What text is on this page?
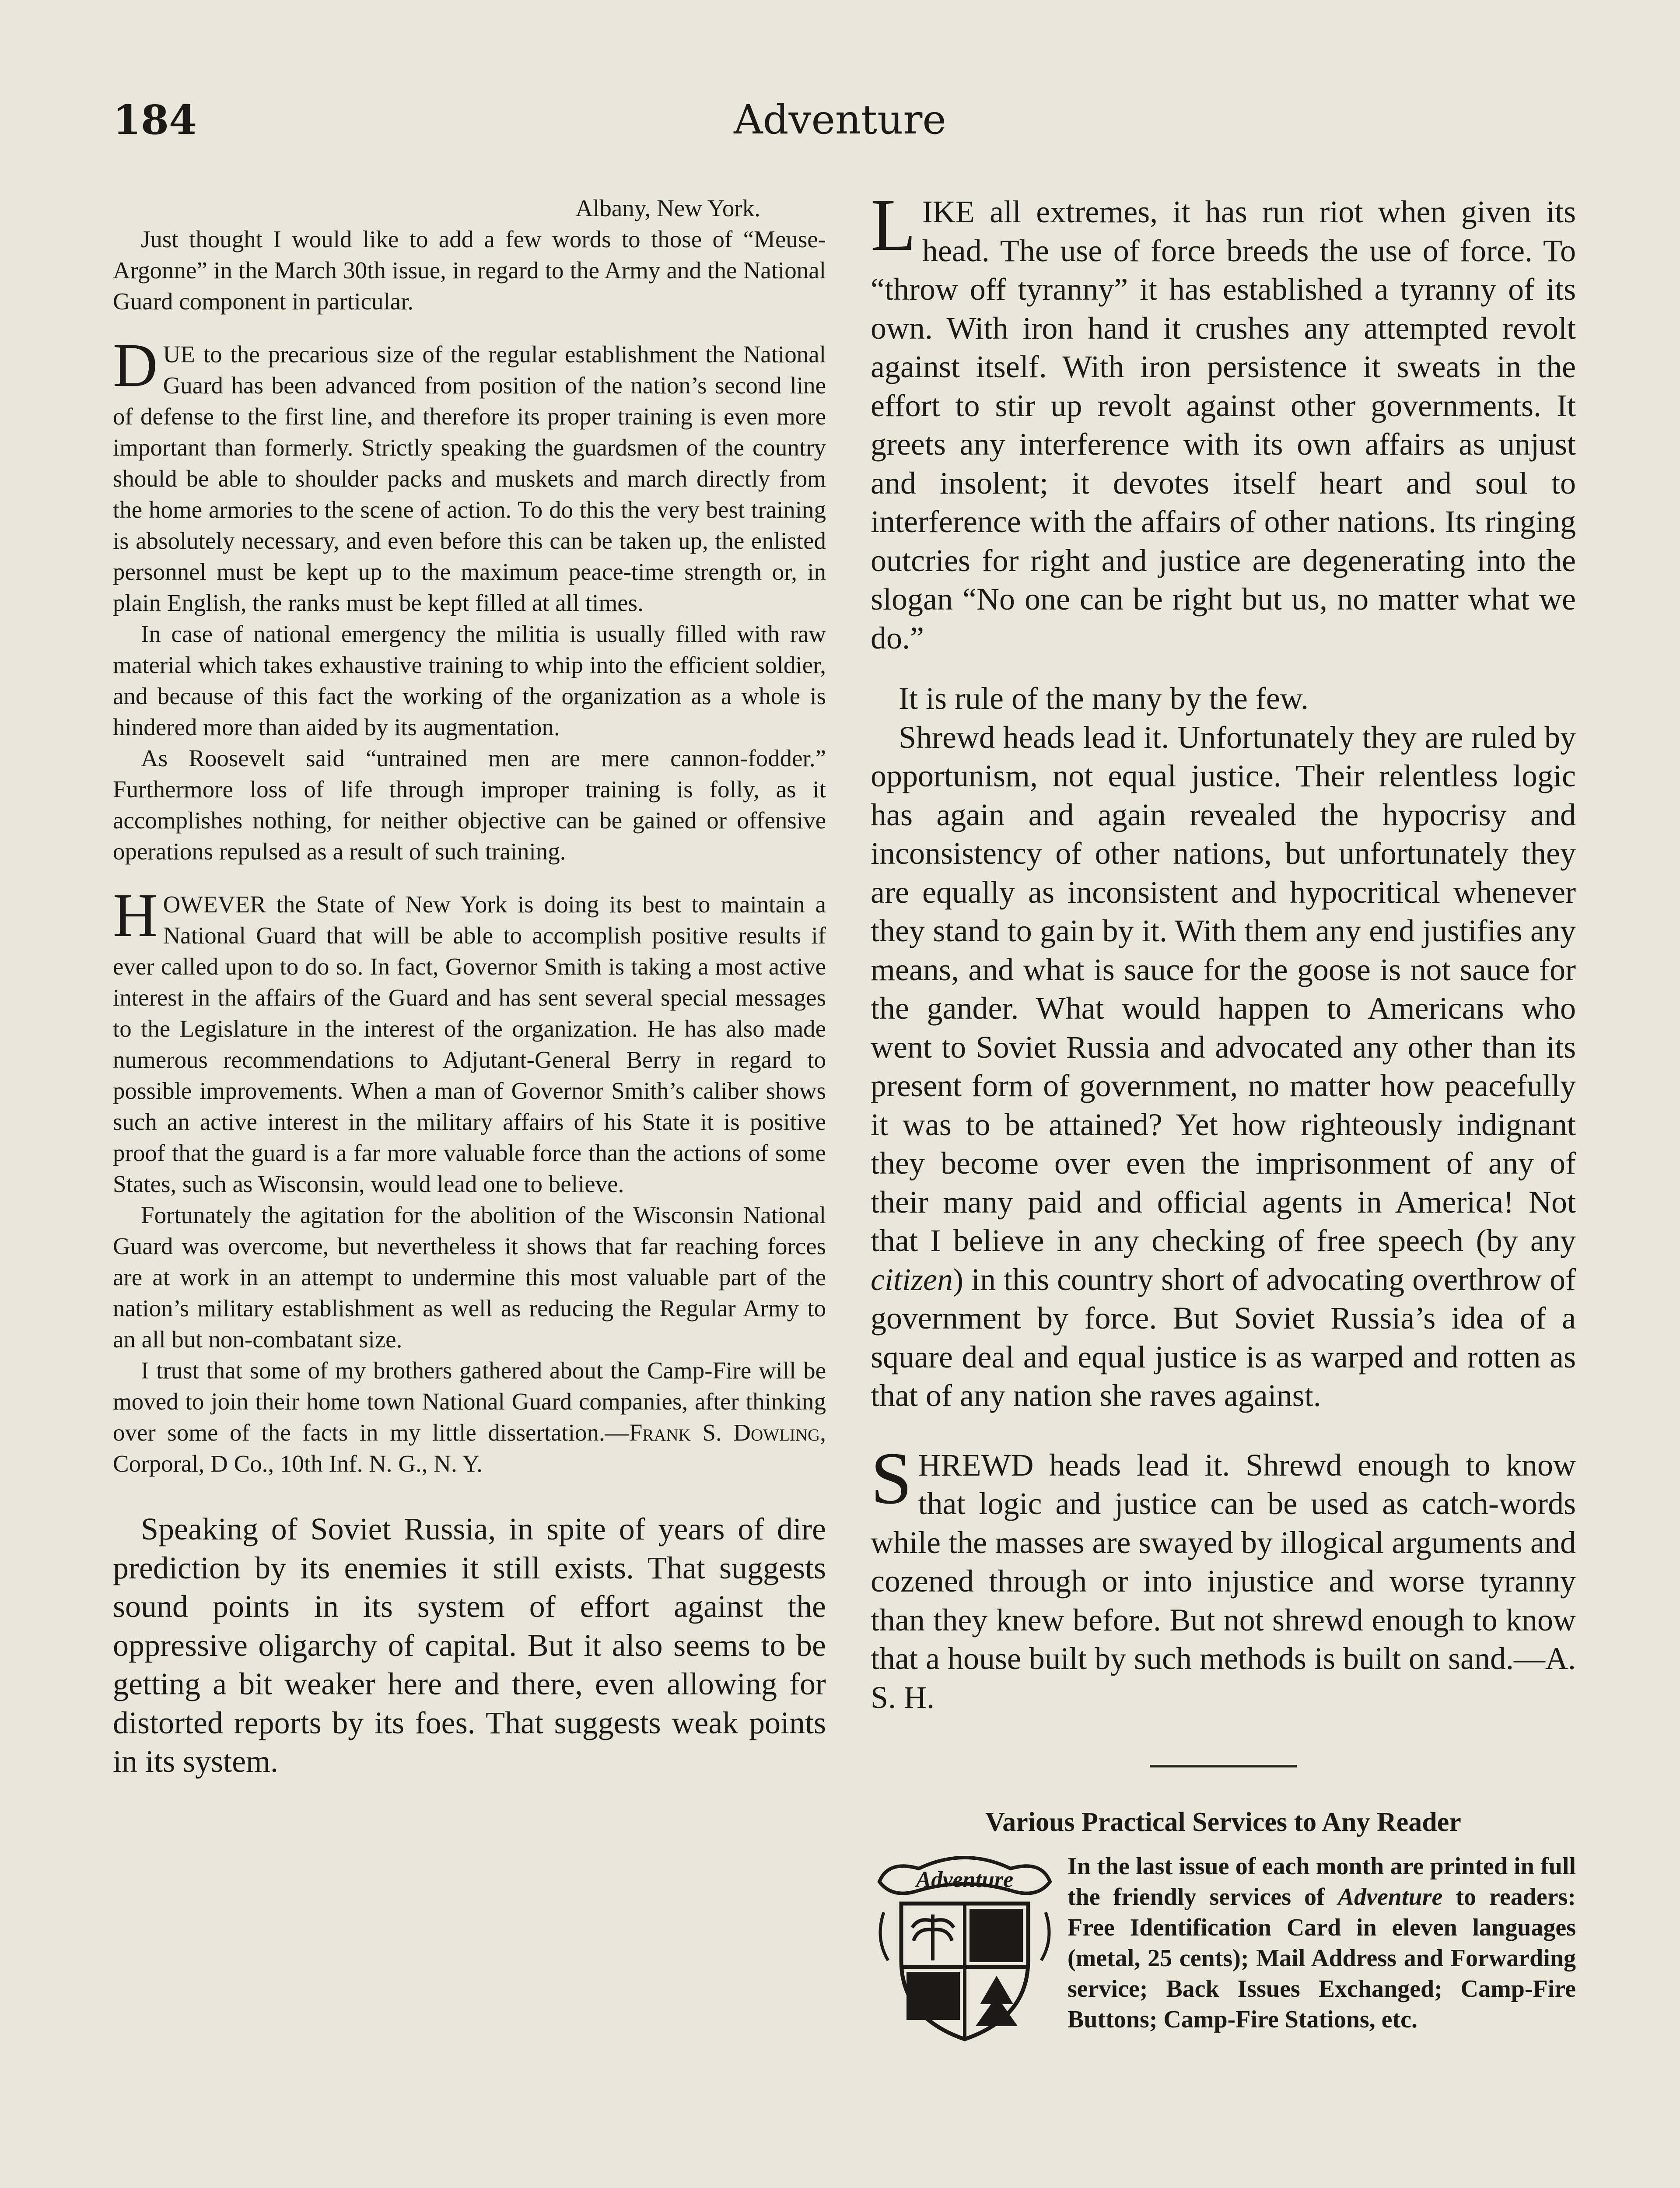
Adventure
184

Albany, New York.

Just thought I would like to add a few words to those of “Meuse-Argonne” in the March 30th issue, in regard to the Army and the National Guard component in particular.

DUE to the precarious size of the regular establishment the National Guard has been advanced from position of the nation’s second line of defense to the first line, and therefore its proper training is even more important than formerly. Strictly speaking the guardsmen of the country should be able to shoulder packs and muskets and march directly from the home armories to the scene of action. To do this the very best training is absolutely necessary, and even before this can be taken up, the enlisted personnel must be kept up to the maximum peace-time strength or, in plain English, the ranks must be kept filled at all times.

In case of national emergency the militia is usually filled with raw material which takes exhaustive training to whip into the efficient soldier, and because of this fact the working of the organization as a whole is hindered more than aided by its augmentation.

As Roosevelt said “untrained men are mere cannon-fodder.” Furthermore loss of life through improper training is folly, as it accomplishes nothing, for neither objective can be gained or offensive operations repulsed as a result of such training.

HOWEVER the State of New York is doing its best to maintain a National Guard that will be able to accomplish positive results if ever called upon to do so. In fact, Governor Smith is taking a most active interest in the affairs of the Guard and has sent several special messages to the Legislature in the interest of the organization. He has also made numerous recommendations to Adjutant-General Berry in regard to possible improvements. When a man of Governor Smith’s caliber shows such an active interest in the military affairs of his State it is positive proof that the guard is a far more valuable force than the actions of some States, such as Wisconsin, would lead one to believe.

Fortunately the agitation for the abolition of the Wisconsin National Guard was overcome, but nevertheless it shows that far reaching forces are at work in an attempt to undermine this most valuable part of the nation’s military establishment as well as reducing the Regular Army to an all but non-combatant size.

I trust that some of my brothers gathered about the Camp-Fire will be moved to join their home town National Guard companies, after thinking over some of the facts in my little dissertation.—Frank S. Dowling, Corporal, D Co., 10th Inf. N. G., N. Y.

Speaking of Soviet Russia, in spite of years of dire prediction by its enemies it still exists. That suggests sound points in its system of effort against the oppressive oligarchy of capital. But it also seems to be getting a bit weaker here and there, even allowing for distorted reports by its foes. That suggests weak points in its system.

LIKE all extremes, it has run riot when given its head. The use of force breeds the use of force. To “throw off tyranny” it has established a tyranny of its own. With iron hand it crushes any attempted revolt against itself. With iron persistence it sweats in the effort to stir up revolt against other governments. It greets any interference with its own affairs as unjust and insolent; it devotes itself heart and soul to interference with the affairs of other nations. Its ringing outcries for right and justice are degenerating into the slogan “No one can be right but us, no matter what we do.”

It is rule of the many by the few.

Shrewd heads lead it. Unfortunately they are ruled by opportunism, not equal justice. Their relentless logic has again and again revealed the hypocrisy and inconsistency of other nations, but unfortunately they are equally as inconsistent and hypocritical whenever they stand to gain by it. With them any end justifies any means, and what is sauce for the goose is not sauce for the gander. What would happen to Americans who went to Soviet Russia and advocated any other than its present form of government, no matter how peacefully it was to be attained? Yet how righteously indignant they become over even the imprisonment of any of their many paid and official agents in America! Not that I believe in any checking of free speech (by any citizen) in this country short of advocating overthrow of government by force. But Soviet Russia’s idea of a square deal and equal justice is as warped and rotten as that of any nation she raves against.

SHREWD heads lead it. Shrewd enough to know that logic and justice can be used as catch-words while the masses are swayed by illogical arguments and cozened through or into injustice and worse tyranny than they knew before. But not shrewd enough to know that a house built by such methods is built on sand.—A. S. H.

Various Practical Services to Any Reader
Adventure	In the last issue of each month are printed in full the friendly services of Adventure to readers: Free Identification Card in eleven languages (metal, 25 cents); Mail Address and Forwarding service; Back Issues Exchanged; Camp-Fire Buttons; Camp-Fire Stations, etc.
